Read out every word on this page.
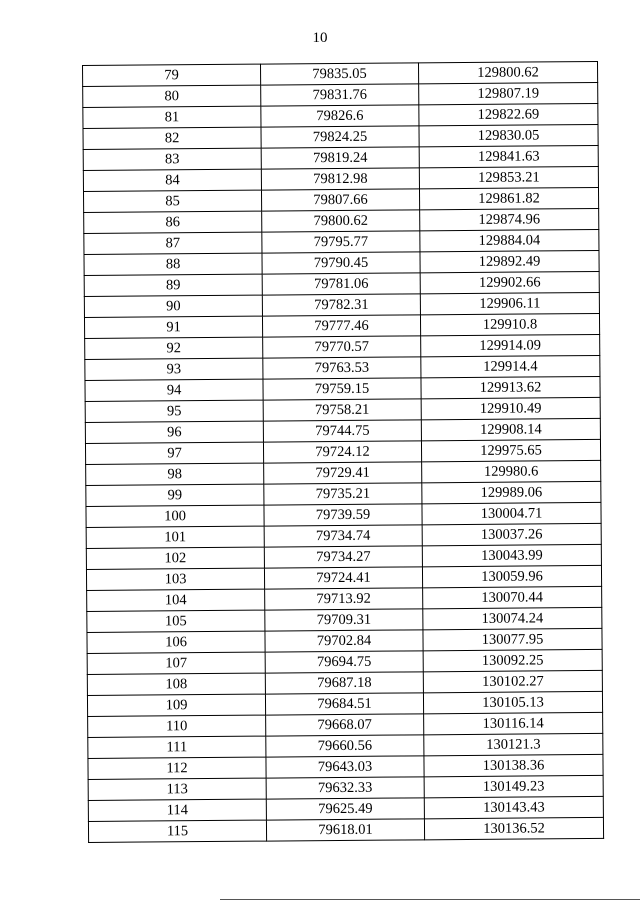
10
79	79835.05	129800.62
80	79831.76	129807.19
81	79826.6	129822.69
82	79824.25	129830.05
83	79819.24	129841.63
84	79812.98	129853.21
85	79807.66	129861.82
86	79800.62	129874.96
87	79795.77	129884.04
88	79790.45	129892.49
89	79781.06	129902.66
90	79782.31	129906.11
91	79777.46	129910.8
92	79770.57	129914.09
93	79763.53	129914.4
94	79759.15	129913.62
95	79758.21	129910.49
96	79744.75	129908.14
97	79724.12	129975.65
98	79729.41	129980.6
99	79735.21	129989.06
100	79739.59	130004.71
101	79734.74	130037.26
102	79734.27	130043.99
103	79724.41	130059.96
104	79713.92	130070.44
105	79709.31	130074.24
106	79702.84	130077.95
107	79694.75	130092.25
108	79687.18	130102.27
109	79684.51	130105.13
110	79668.07	130116.14
111	79660.56	130121.3
112	79643.03	130138.36
113	79632.33	130149.23
114	79625.49	130143.43
115	79618.01	130136.52
